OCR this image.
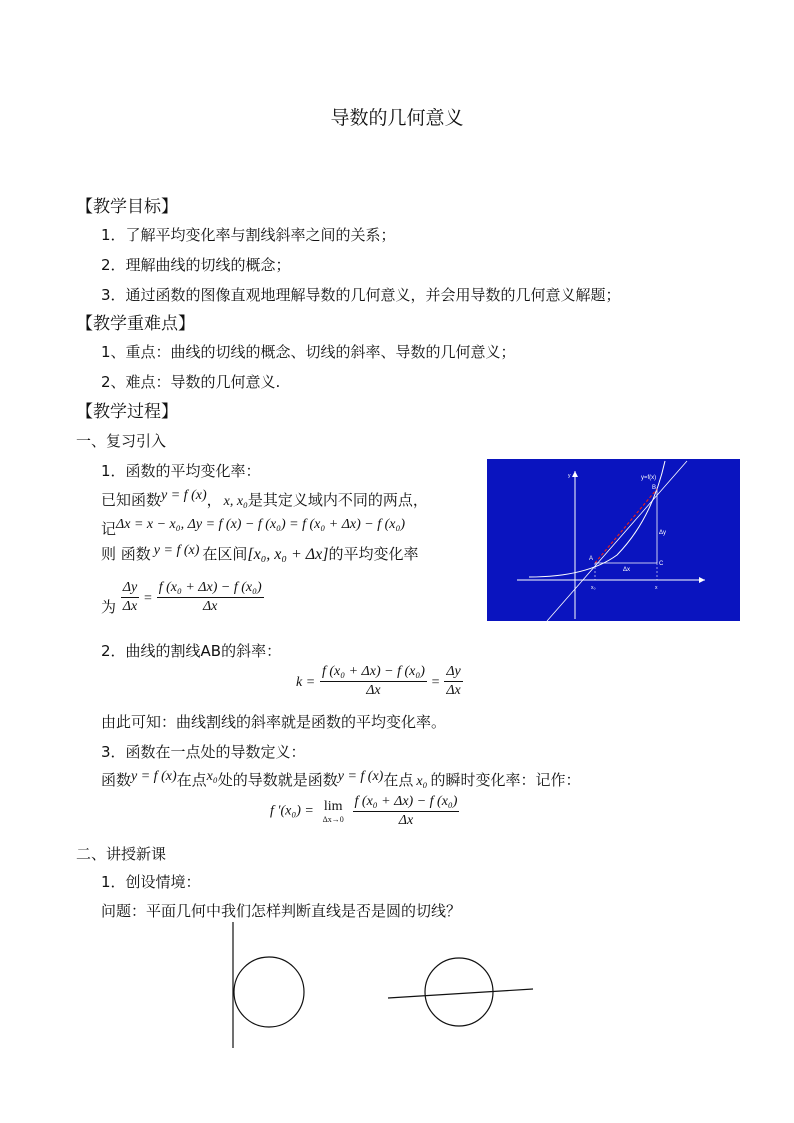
导数的几何意义
【教学目标】
1．了解平均变化率与割线斜率之间的关系；
2．理解曲线的切线的概念；
3．通过函数的图像直观地理解导数的几何意义，并会用导数的几何意义解题；
【教学重难点】
1、重点：曲线的切线的概念、切线的斜率、导数的几何意义；
2、难点：导数的几何意义.
【教学过程】
一、复习引入
1．函数的平均变化率：
已知函数y = f (x)， x, x₀是其定义域内不同的两点，
记Δx = x − x₀, Δy = f (x) − f (x₀) = f (x₀ + Δx) − f (x₀)
则 函数 y = f (x) 在区间[x₀, x₀ + Δx]的平均变化率
为 $\frac{\Delta y}{\Delta x} = \frac{\text{f (x₀ + Δx) − f (x₀)}}{\Delta x}$
y=f(x)
A
B
C
Δx
Δy
x₀	x
y
2．曲线的割线AB的斜率：
$k = \frac{\text{f (x₀ + Δx) − f (x₀)}}{\Delta x} = \frac{\Delta y}{\Delta x}$
由此可知：曲线割线的斜率就是函数的平均变化率。
3．函数在一点处的导数定义：
函数y = f (x)在点x₀处的导数就是函数y = f (x)在点 x₀ 的瞬时变化率：记作：
f ′(x₀) = lim
Δx→0
$\frac{\text{f (x₀ + Δx) − f (x₀)}}{\Delta x}$
二、讲授新课
1．创设情境：
问题：平面几何中我们怎样判断直线是否是圆的切线？
